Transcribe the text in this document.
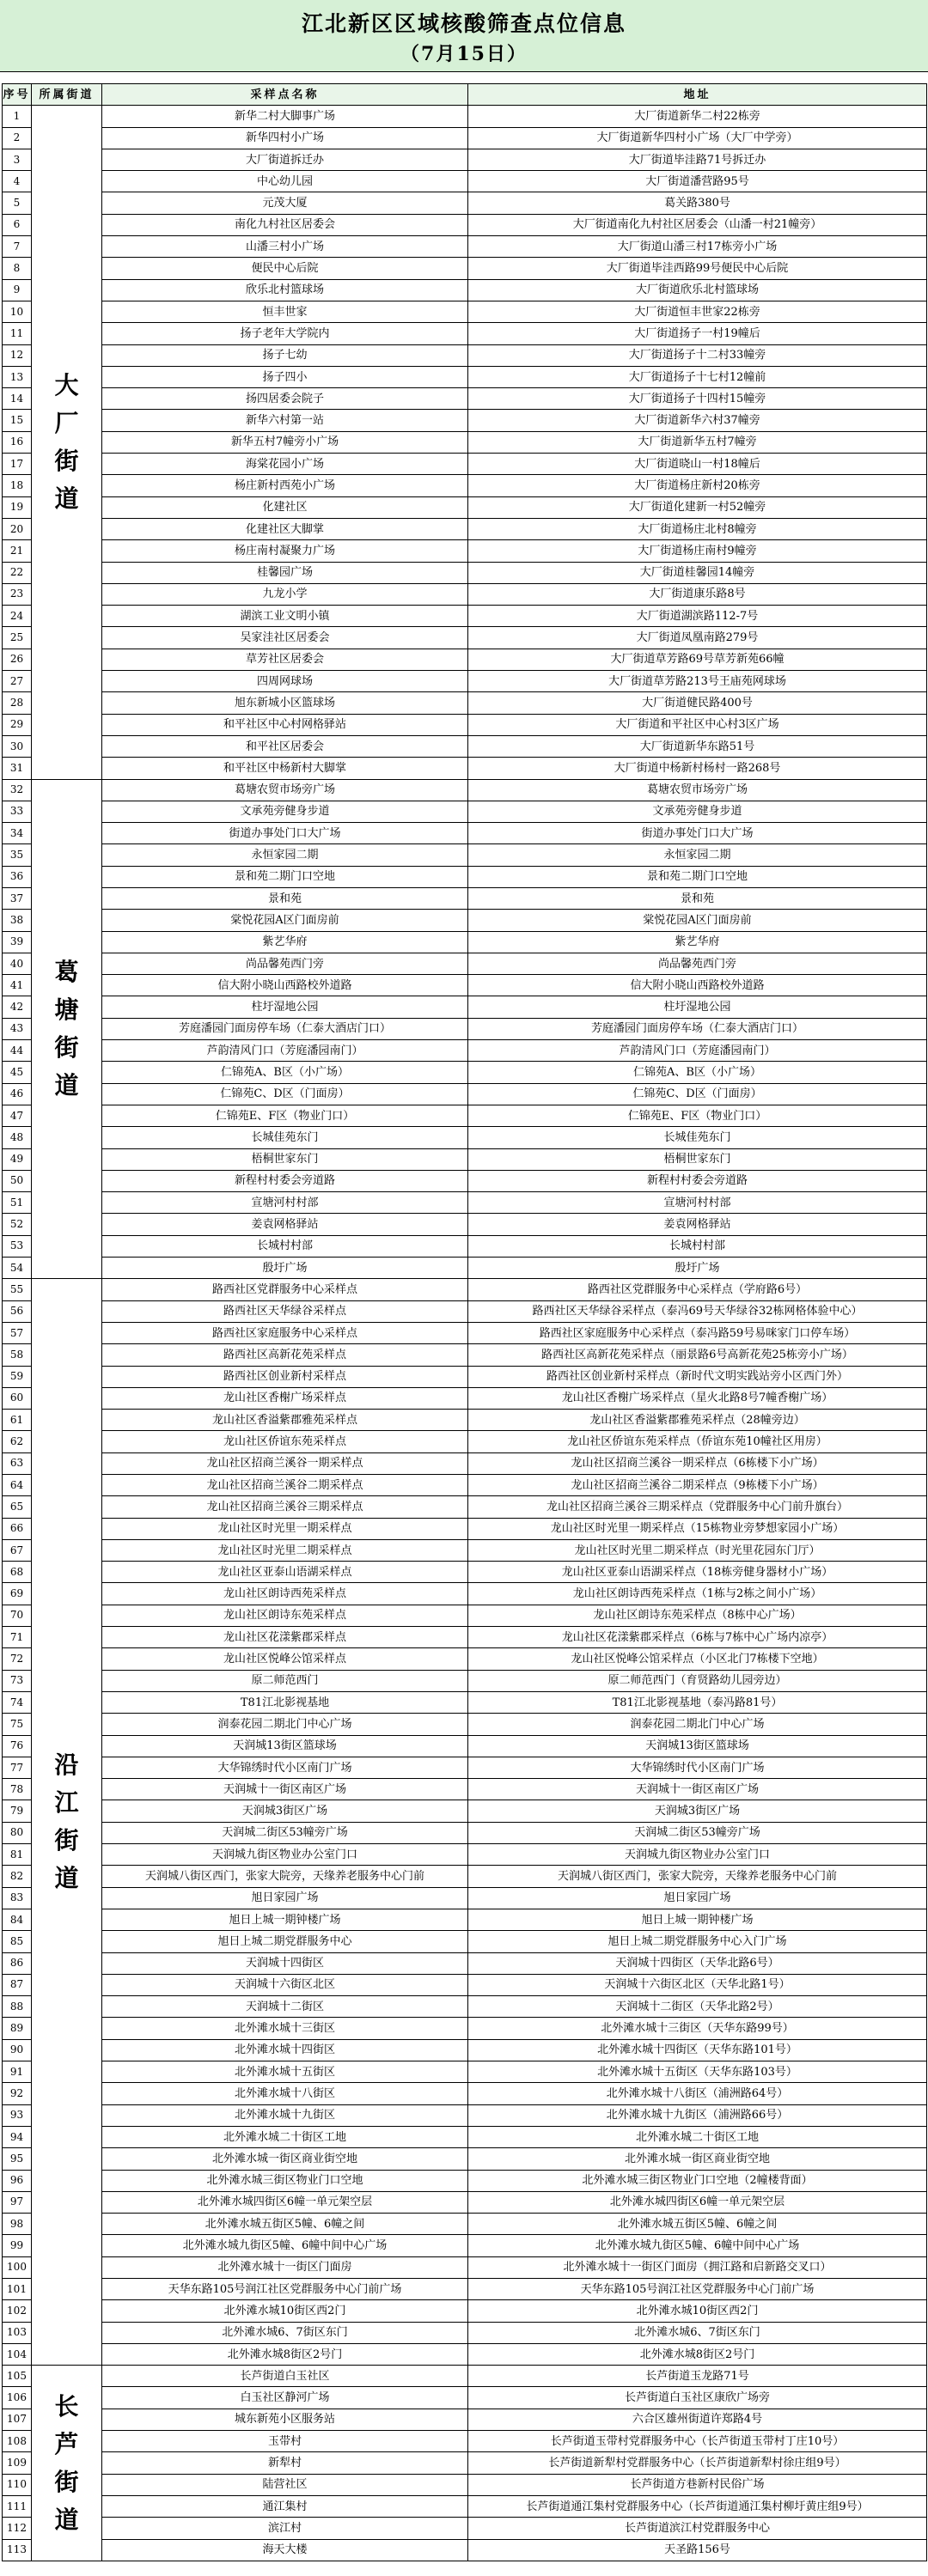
江北新区区域核酸筛查点位信息
（7月15日）
序号	所属街道	采样点名称	地址
1	大厂街道	新华二村大脚事广场	大厂街道新华二村22栋旁
2		新华四村小广场	大厂街道新华四村小广场（大厂中学旁）
3		大厂街道拆迁办	大厂街道毕洼路71号拆迁办
4		中心幼儿园	大厂街道潘营路95号
5		元茂大厦	葛关路380号
6		南化九村社区居委会	大厂街道南化九村社区居委会（山潘一村21幢旁）
7		山潘三村小广场	大厂街道山潘三村17栋旁小广场
8		便民中心后院	大厂街道毕洼西路99号便民中心后院
9		欣乐北村篮球场	大厂街道欣乐北村篮球场
10		恒丰世家	大厂街道恒丰世家22栋旁
11		扬子老年大学院内	大厂街道扬子一村19幢后
12		扬子七幼	大厂街道扬子十二村33幢旁
13		扬子四小	大厂街道扬子十七村12幢前
14		扬四居委会院子	大厂街道扬子十四村15幢旁
15		新华六村第一站	大厂街道新华六村37幢旁
16		新华五村7幢旁小广场	大厂街道新华五村7幢旁
17		海棠花园小广场	大厂街道晓山一村18幢后
18		杨庄新村西苑小广场	大厂街道杨庄新村20栋旁
19		化建社区	大厂街道化建新一村52幢旁
20		化建社区大脚掌	大厂街道杨庄北村8幢旁
21		杨庄南村凝聚力广场	大厂街道杨庄南村9幢旁
22		桂馨园广场	大厂街道桂馨园14幢旁
23		九龙小学	大厂街道康乐路8号
24		湖滨工业文明小镇	大厂街道湖滨路112-7号
25		吴家洼社区居委会	大厂街道凤凰南路279号
26		草芳社区居委会	大厂街道草芳路69号草芳新苑66幢
27		四周网球场	大厂街道草芳路213号王庙苑网球场
28		旭东新城小区篮球场	大厂街道健民路400号
29		和平社区中心村网格驿站	大厂街道和平社区中心村3区广场
30		和平社区居委会	大厂街道新华东路51号
31		和平社区中杨新村大脚掌	大厂街道中杨新村杨村一路268号
32	葛塘街道	葛塘农贸市场旁广场	葛塘农贸市场旁广场
33		文承苑旁健身步道	文承苑旁健身步道
34		街道办事处门口大广场	街道办事处门口大广场
35		永恒家园二期	永恒家园二期
36		景和苑二期门口空地	景和苑二期门口空地
37		景和苑	景和苑
38		棠悦花园A区门面房前	棠悦花园A区门面房前
39		紫艺华府	紫艺华府
40		尚品馨苑西门旁	尚品馨苑西门旁
41		信大附小晓山西路校外道路	信大附小晓山西路校外道路
42		柱圩湿地公园	柱圩湿地公园
43		芳庭潘园门面房停车场（仁泰大酒店门口）	芳庭潘园门面房停车场（仁泰大酒店门口）
44		芦韵清风门口（芳庭潘园南门）	芦韵清风门口（芳庭潘园南门）
45		仁锦苑A、B区（小广场）	仁锦苑A、B区（小广场）
46		仁锦苑C、D区（门面房）	仁锦苑C、D区（门面房）
47		仁锦苑E、F区（物业门口）	仁锦苑E、F区（物业门口）
48		长城佳苑东门	长城佳苑东门
49		梧桐世家东门	梧桐世家东门
50		新程村村委会旁道路	新程村村委会旁道路
51		宣塘河村村部	宣塘河村村部
52		姜袁网格驿站	姜袁网格驿站
53		长城村村部	长城村村部
54		殷圩广场	殷圩广场
55	沿江街道	路西社区党群服务中心采样点	路西社区党群服务中心采样点（学府路6号）
56		路西社区天华绿谷采样点	路西社区天华绿谷采样点（泰冯69号天华绿谷32栋网格体验中心）
57		路西社区家庭服务中心采样点	路西社区家庭服务中心采样点（泰冯路59号易咪家门口停车场）
58		路西社区高新花苑采样点	路西社区高新花苑采样点（丽景路6号高新花苑25栋旁小广场）
59		路西社区创业新村采样点	路西社区创业新村采样点（新时代文明实践站旁小区西门外）
60		龙山社区香榭广场采样点	龙山社区香榭广场采样点（星火北路8号7幢香榭广场）
61		龙山社区香溢紫郡雅苑采样点	龙山社区香溢紫郡雅苑采样点（28幢旁边）
62		龙山社区侨谊东苑采样点	龙山社区侨谊东苑采样点（侨谊东苑10幢社区用房）
63		龙山社区招商兰溪谷一期采样点	龙山社区招商兰溪谷一期采样点（6栋楼下小广场）
64		龙山社区招商兰溪谷二期采样点	龙山社区招商兰溪谷二期采样点（9栋楼下小广场）
65		龙山社区招商兰溪谷三期采样点	龙山社区招商兰溪谷三期采样点（党群服务中心门前升旗台）
66		龙山社区时光里一期采样点	龙山社区时光里一期采样点（15栋物业旁梦想家园小广场）
67		龙山社区时光里二期采样点	龙山社区时光里二期采样点（时光里花园东门厅）
68		龙山社区亚泰山语湖采样点	龙山社区亚泰山语湖采样点（18栋旁健身器材小广场）
69		龙山社区朗诗西苑采样点	龙山社区朗诗西苑采样点（1栋与2栋之间小广场）
70		龙山社区朗诗东苑采样点	龙山社区朗诗东苑采样点（8栋中心广场）
71		龙山社区花漾紫郡采样点	龙山社区花漾紫郡采样点（6栋与7栋中心广场内凉亭）
72		龙山社区悦峰公馆采样点	龙山社区悦峰公馆采样点（小区北门7栋楼下空地）
73		原二师范西门	原二师范西门（育贤路幼儿园旁边）
74		T81江北影视基地	T81江北影视基地（泰冯路81号）
75		润泰花园二期北门中心广场	润泰花园二期北门中心广场
76		天润城13街区篮球场	天润城13街区篮球场
77		大华锦绣时代小区南门广场	大华锦绣时代小区南门广场
78		天润城十一街区南区广场	天润城十一街区南区广场
79		天润城3街区广场	天润城3街区广场
80		天润城二街区53幢旁广场	天润城二街区53幢旁广场
81		天润城九街区物业办公室门口	天润城九街区物业办公室门口
82		天润城八街区西门，张家大院旁，天缘养老服务中心门前	天润城八街区西门，张家大院旁，天缘养老服务中心门前
83		旭日家园广场	旭日家园广场
84		旭日上城一期钟楼广场	旭日上城一期钟楼广场
85		旭日上城二期党群服务中心	旭日上城二期党群服务中心入门广场
86		天润城十四街区	天润城十四街区（天华北路6号）
87		天润城十六街区北区	天润城十六街区北区（天华北路1号）
88		天润城十二街区	天润城十二街区（天华北路2号）
89		北外滩水城十三街区	北外滩水城十三街区（天华东路99号）
90		北外滩水城十四街区	北外滩水城十四街区（天华东路101号）
91		北外滩水城十五街区	北外滩水城十五街区（天华东路103号）
92		北外滩水城十八街区	北外滩水城十八街区（浦洲路64号）
93		北外滩水城十九街区	北外滩水城十九街区（浦洲路66号）
94		北外滩水城二十街区工地	北外滩水城二十街区工地
95		北外滩水城一街区商业街空地	北外滩水城一街区商业街空地
96		北外滩水城三街区物业门口空地	北外滩水城三街区物业门口空地（2幢楼背面）
97		北外滩水城四街区6幢一单元架空层	北外滩水城四街区6幢一单元架空层
98		北外滩水城五街区5幢、6幢之间	北外滩水城五街区5幢、6幢之间
99		北外滩水城九街区5幢、6幢中间中心广场	北外滩水城九街区5幢、6幢中间中心广场
100		北外滩水城十一街区门面房	北外滩水城十一街区门面房（拥江路和启新路交叉口）
101		天华东路105号润江社区党群服务中心门前广场	天华东路105号润江社区党群服务中心门前广场
102		北外滩水城10街区西2门	北外滩水城10街区西2门
103		北外滩水城6、7街区东门	北外滩水城6、7街区东门
104		北外滩水城8街区2号门	北外滩水城8街区2号门
105	长芦街道	长芦街道白玉社区	长芦街道玉龙路71号
106		白玉社区静河广场	长芦街道白玉社区康欣广场旁
107		城东新苑小区服务站	六合区雄州街道许郑路4号
108		玉带村	长芦街道玉带村党群服务中心（长芦街道玉带村丁庄10号）
109		新犁村	长芦街道新犁村党群服务中心（长芦街道新犁村徐庄组9号）
110		陆营社区	长芦街道方巷新村民俗广场
111		通江集村	长芦街道通江集村党群服务中心（长芦街道通江集村柳圩黄庄组9号）
112		滨江村	长芦街道滨江村党群服务中心
113		海天大楼	天圣路156号
